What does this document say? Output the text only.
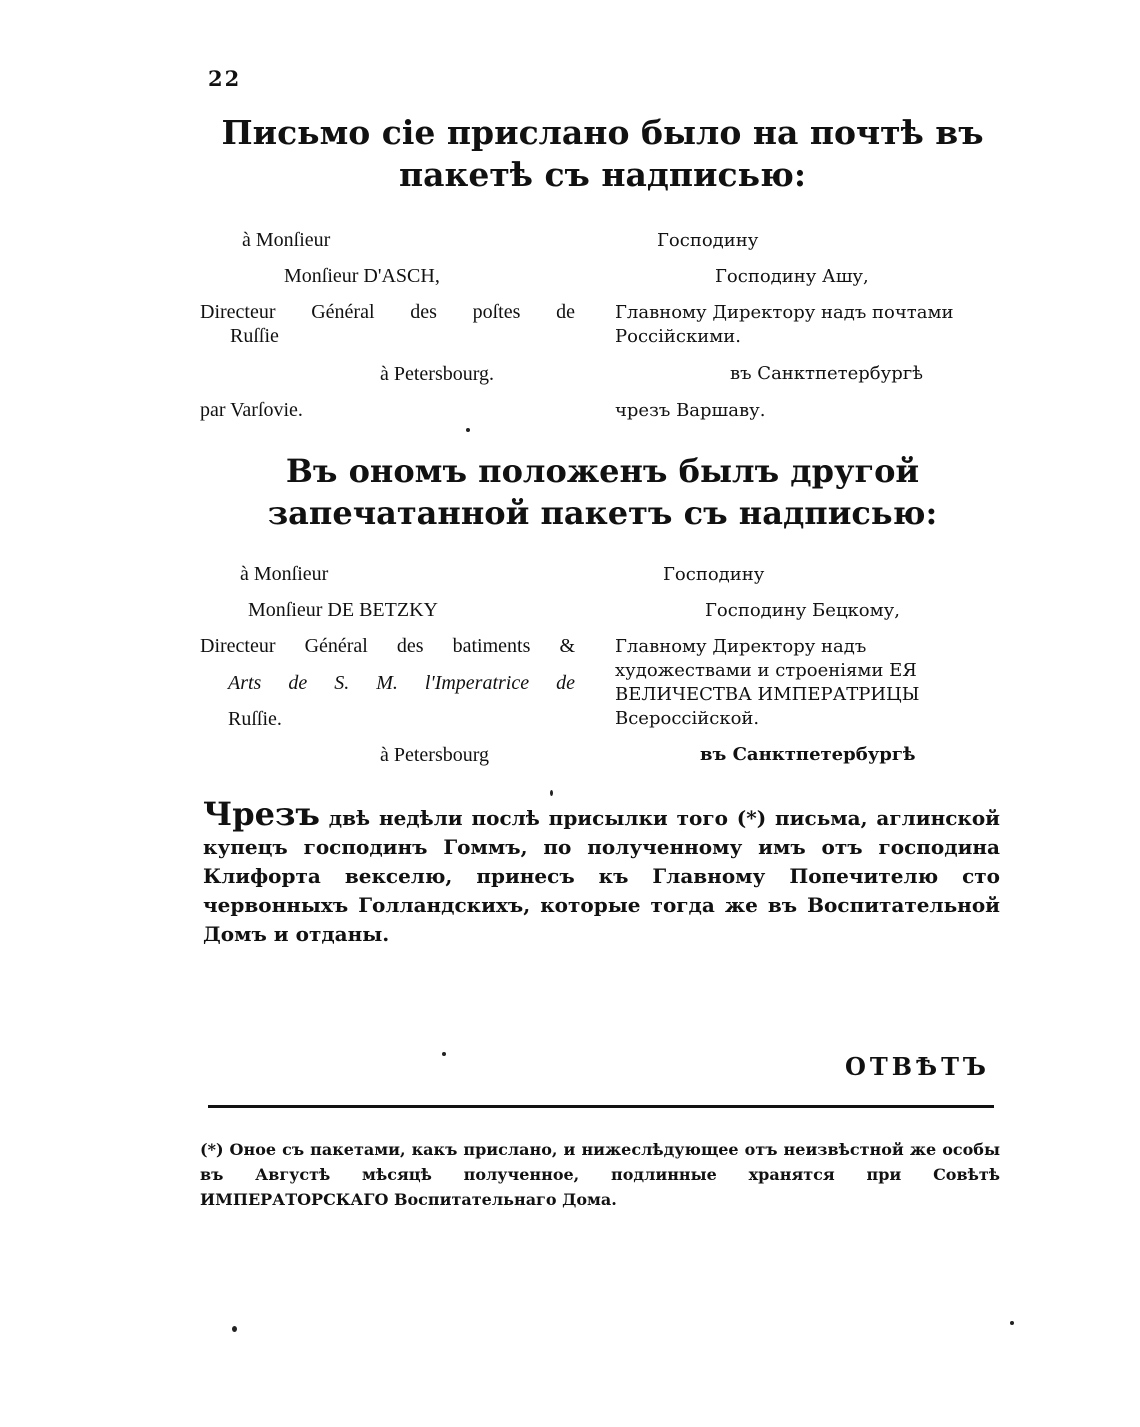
22
Письмо сiе прислано было на почтѣ въ пакетѣ съ надписью:
à Monſieur
Monſieur D'ASCH,
Directeur Général des poſtes de
Ruſſie
à Petersbourg.
par Varſovie.
Господину
Господину Ашу,
Главному Директору надъ почтами Россiйскими.
въ Санктпетербургѣ
чрезъ Варшаву.
Въ ономъ положенъ былъ другой запечатанной пакетъ съ надписью:
à Monſieur
Monſieur DE BETZKY
Directeur Général des batiments &
Arts de S. M. l'Imperatrice de
Ruſſie.
à Petersbourg
Господину
Господину Бецкому,
Главному Директору надъ художествами и строенiями ЕЯ ВЕЛИЧЕСТВА ИМПЕРАТРИЦЫ Всероссiйской.
въ Санктпетербургѣ
Чрезъ двѣ недѣли послѣ присылки того (*) письма, аглинской купецъ господинъ Гоммъ, по полученному имъ отъ господина Клифорта векселю, принесъ къ Главному Попечителю сто червонныхъ Голландскихъ, которые тогда же въ Воспитательной Домъ и отданы.
ОТВѢТЪ
(*) Оное съ пакетами, какъ прислано, и нижеслѣдующее отъ неизвѣстной же особы въ Августѣ мѣсяцѣ полученное, подлинные хранятся при Совѣтѣ ИМПЕРАТОРСКАГО Воспитательнаго Дома.
